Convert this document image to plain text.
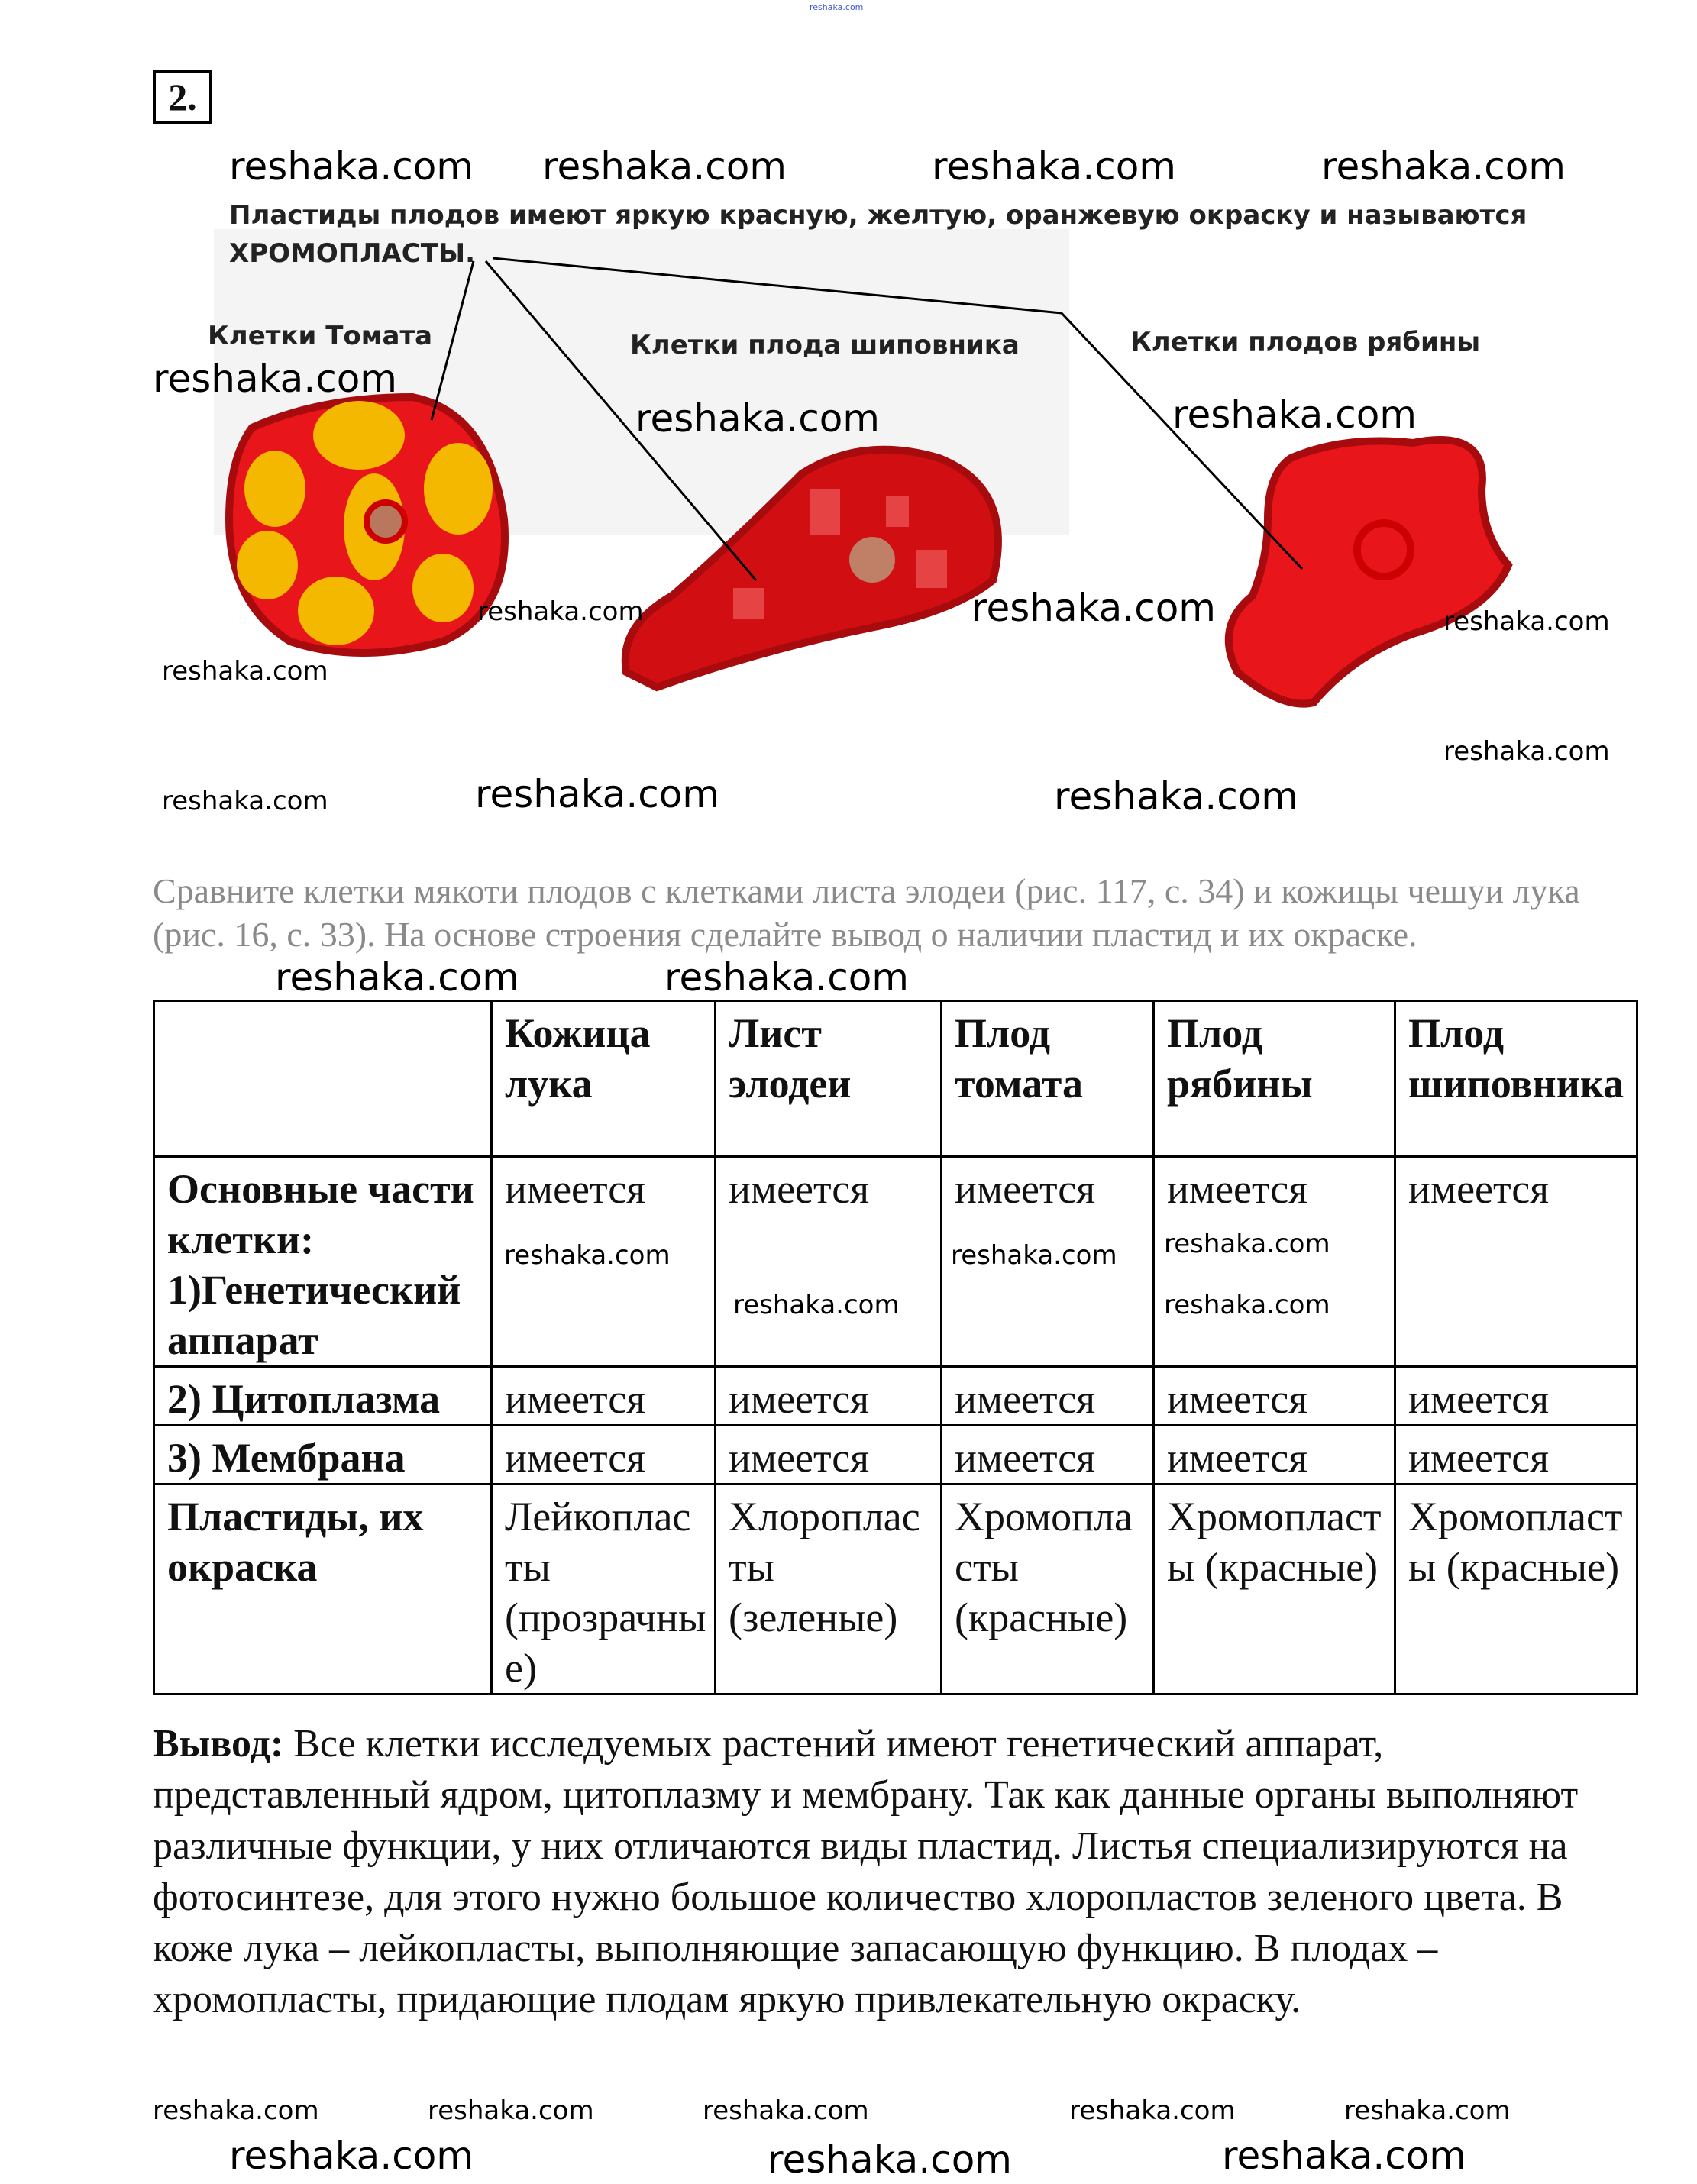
reshaka.com
2.
Пластиды плодов имеют яркую красную, желтую, оранжевую окраску и называются
ХРОМОПЛАСТЫ.
Клетки Томата	Клетки плода шиповника	Клетки плодов рябины
reshaka.com reshaka.com	reshaka.com	reshaka.com
reshaka.com
reshaka.com	reshaka.com
reshaka.com	reshaka.com	reshaka.com
reshaka.com
reshaka.com
reshaka.com	reshaka.com	reshaka.com
Сравните клетки мякоти плодов с клетками листа элодеи (рис. 117, с. 34) и кожицы чешуи лука (рис. 16, с. 33). На основе строения сделайте вывод о наличии пластид и их окраске.
reshaka.com	reshaka.com
	Кожица лука	Лист элодеи	Плод томата	Плод рябины	Плод шиповника
Основные части клетки: 1)Генетический аппарат	имеется	имеется	имеется	имеется	имеется
2) Цитоплазма	имеется	имеется	имеется	имеется	имеется
3) Мембрана	имеется	имеется	имеется	имеется	имеется
Пластиды, их окраска	Лейкопласты (прозрачные)	Хлоропласты (зеленые)	Хромопласты (красные)	Хромопласты (красные)	Хромопласты (красные)
reshaka.com	reshaka.com
reshaka.com
reshaka.com
reshaka.com
reshaka.com
Вывод: Все клетки исследуемых растений имеют генетический аппарат, представленный ядром, цитоплазму и мембрану. Так как данные органы выполняют различные функции, у них отличаются виды пластид. Листья специализируются на фотосинтезе, для этого нужно большое количество хлоропластов зеленого цвета. В коже лука – лейкопласты, выполняющие запасающую функцию. В плодах – хромопласты, придающие плодам яркую привлекательную окраску.
reshaka.com	reshaka.com	reshaka.com	reshaka.com
reshaka.com
reshaka.com	reshaka.com
